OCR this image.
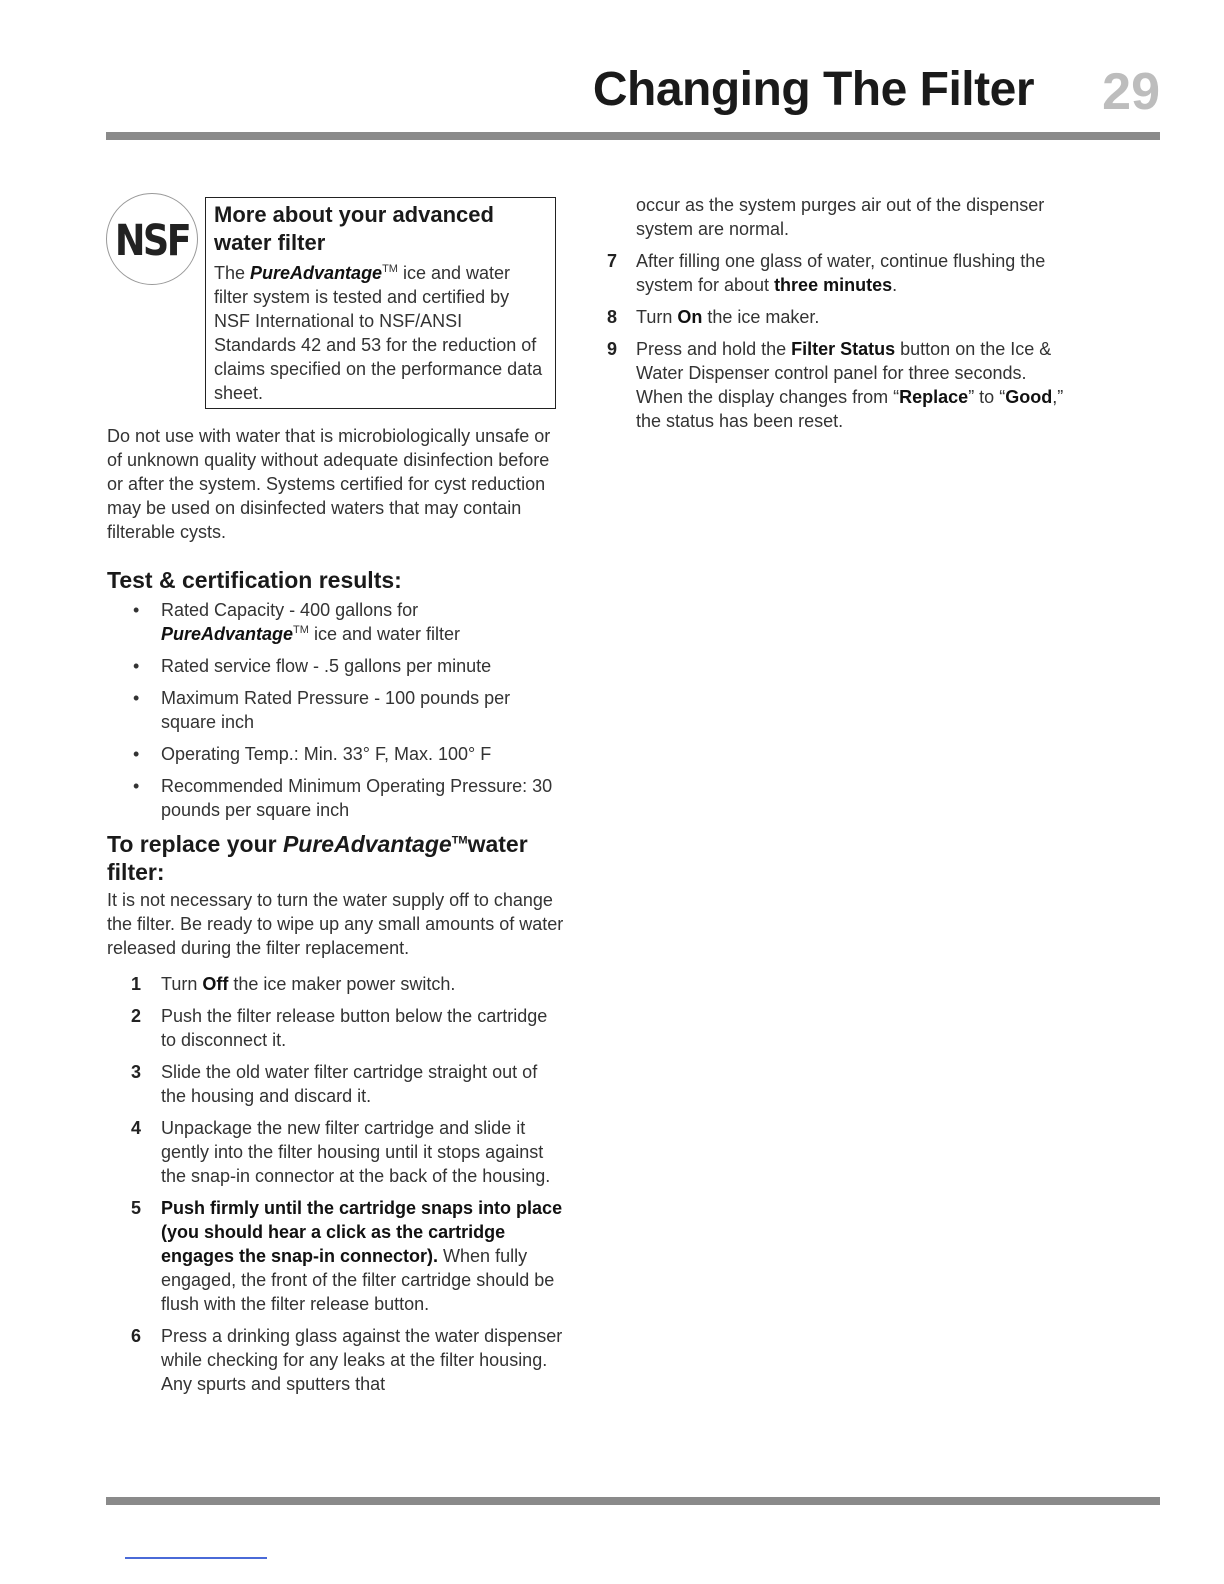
Changing The Filter 29
NSF

More about your advanced water filter

The PureAdvantage™ ice and water filter system is tested and certified by NSF International to NSF/ANSI Standards 42 and 53 for the reduction of claims specified on the performance data sheet.

Do not use with water that is microbiologically unsafe or of unknown quality without adequate disinfection before or after the system. Systems certified for cyst reduction may be used on disinfected waters that may contain filterable cysts.

Test & certification results:
• Rated Capacity - 400 gallons for PureAdvantage™ ice and water filter
• Rated service flow - .5 gallons per minute
• Maximum Rated Pressure - 100 pounds per square inch
• Operating Temp.: Min. 33° F, Max. 100° F
• Recommended Minimum Operating Pressure: 30 pounds per square inch
To replace your PureAdvantage™water filter:

It is not necessary to turn the water supply off to change the filter. Be ready to wipe up any small amounts of water released during the filter replacement.

1 Turn Off the ice maker power switch.
2 Push the filter release button below the cartridge to disconnect it.
3 Slide the old water filter cartridge straight out of the housing and discard it.
4 Unpackage the new filter cartridge and slide it gently into the filter housing until it stops against the snap-in connector at the back of the housing.
5 Push firmly until the cartridge snaps into place (you should hear a click as the cartridge engages the snap-in connector). When fully engaged, the front of the filter cartridge should be flush with the filter release button.
6 Press a drinking glass against the water dispenser while checking for any leaks at the filter housing. Any spurts and sputters that

occur as the system purges air out of the dispenser system are normal.

7 After filling one glass of water, continue flushing the system for about three minutes.
8 Turn On the ice maker.
9 Press and hold the Filter Status button on the Ice & Water Dispenser control panel for three seconds. When the display changes from “Replace” to “Good,” the status has been reset.
